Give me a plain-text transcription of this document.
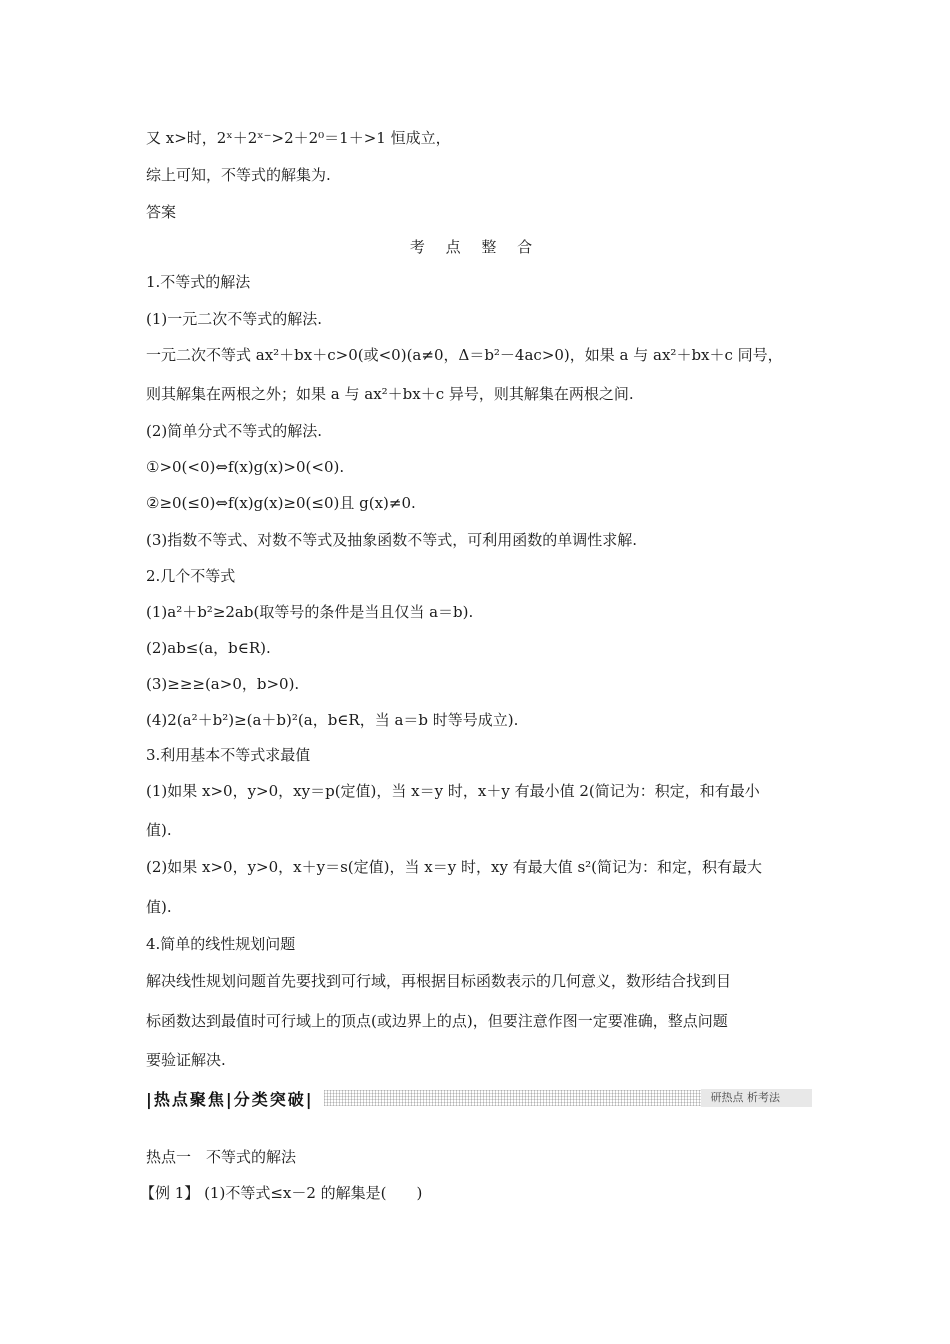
又 x>时，2ˣ＋2ˣ⁻>2＋2⁰＝1＋>1 恒成立，
综上可知，不等式的解集为.
答案
考 点 整 合
1.不等式的解法
(1)一元二次不等式的解法.
一元二次不等式 ax²＋bx＋c>0(或<0)(a≠0，Δ＝b²－4ac>0)，如果 a 与 ax²＋bx＋c 同号，
则其解集在两根之外；如果 a 与 ax²＋bx＋c 异号，则其解集在两根之间.
(2)简单分式不等式的解法.
①>0(<0)⇔f(x)g(x)>0(<0).
②≥0(≤0)⇔f(x)g(x)≥0(≤0)且 g(x)≠0.
(3)指数不等式、对数不等式及抽象函数不等式，可利用函数的单调性求解.
2.几个不等式
(1)a²＋b²≥2ab(取等号的条件是当且仅当 a＝b).
(2)ab≤(a，b∈R).
(3)≥≥≥(a>0，b>0).
(4)2(a²＋b²)≥(a＋b)²(a，b∈R，当 a＝b 时等号成立).
3.利用基本不等式求最值
(1)如果 x>0，y>0，xy＝p(定值)，当 x＝y 时，x＋y 有最小值 2(简记为：积定，和有最小
值).
(2)如果 x>0，y>0，x＋y＝s(定值)，当 x＝y 时，xy 有最大值 s²(简记为：和定，积有最大
值).
4.简单的线性规划问题
解决线性规划问题首先要找到可行域，再根据目标函数表示的几何意义，数形结合找到目
标函数达到最值时可行域上的顶点(或边界上的点)，但要注意作图一定要准确，整点问题
要验证解决.
|热点聚焦|分类突破|	研热点 析考法
热点一　不等式的解法
【例 1】 (1)不等式≤x－2 的解集是(　　)
